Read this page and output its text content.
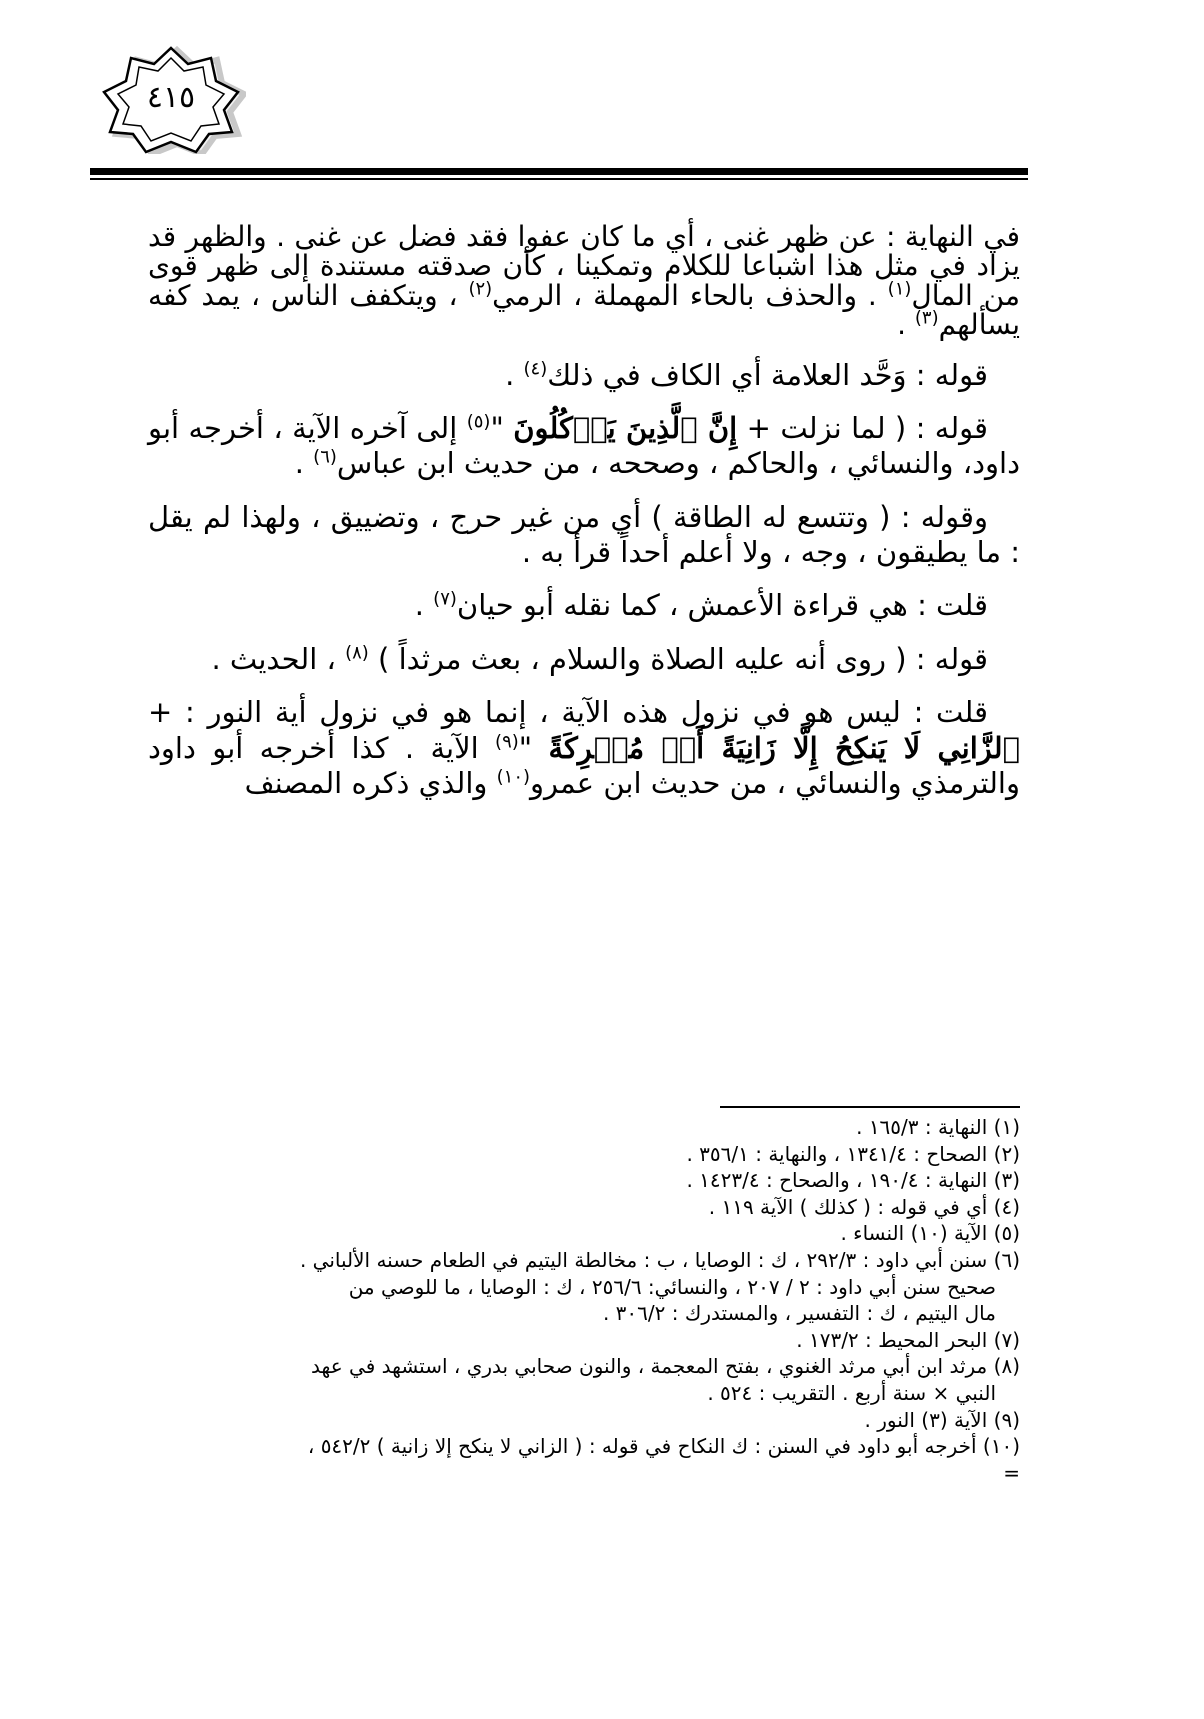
٤١٥

في النهاية : عن ظهر غنى ، أي ما كان عفوا فقد فضل عن غنى . والظهر قد يزاد في مثل هذا اشباعا للكلام وتمكينا ، كأن صدقته مستندة إلى ظهر قوى من المال$^{(١)}$ . والحذف بالحاء المهملة ، الرمي$^{(٢)}$ ، ويتكفف الناس ، يمد كفه يسألهم$^{(٣)}$ .

قوله : وَحَّد العلامة أي الكاف في ذلك$^{(٤)}$ .

قوله : ( لما نزلت + إِنَّ ٱلَّذِينَ يَأۡكُلُونَ "$^{(٥)}$ إلى آخره الآية ، أخرجه أبو داود، والنسائي ، والحاكم ، وصححه ، من حديث ابن عباس$^{(٦)}$ .

وقوله : ( وتتسع له الطاقة ) أي من غير حرج ، وتضييق ، ولهذا لم يقل : ما يطيقون ، وجه ، ولا أعلم أحداً قرأ به .

قلت : هي قراءة الأعمش ، كما نقله أبو حيان$^{(٧)}$ .

قوله : ( روى أنه عليه الصلاة والسلام ، بعث مرثداً ) $^{(٨)}$ ، الحديث .

قلت : ليس هو في نزول هذه الآية ، إنما هو في نزول أية النور : + ٱلزَّانِي لَا يَنكِحُ إِلَّا زَانِيَةً أَوۡ مُشۡرِكَةً "$^{(٩)}$ الآية . كذا أخرجه أبو داود والترمذي والنسائي ، من حديث ابن عمرو$^{(١٠)}$ والذي ذكره المصنف

(١) النهاية : ١٦٥/٣ .

(٢) الصحاح : ١٣٤١/٤ ، والنهاية : ٣٥٦/١ .

(٣) النهاية : ١٩٠/٤ ، والصحاح : ١٤٢٣/٤ .

(٤) أي في قوله : ( كذلك ) الآية ١١٩ .

(٥) الآية (١٠) النساء .

(٦) سنن أبي داود : ٢٩٢/٣ ، ك : الوصايا ، ب : مخالطة اليتيم في الطعام حسنه الألباني .

صحيح سنن أبي داود : ٢ / ٢٠٧ ، والنسائي: ٢٥٦/٦ ، ك : الوصايا ، ما للوصي من

مال اليتيم ، ك : التفسير ، والمستدرك : ٣٠٦/٢ .

(٧) البحر المحيط : ١٧٣/٢ .

(٨) مرثد ابن أبي مرثد الغنوي ، بفتح المعجمة ، والنون صحابي بدري ، استشهد في عهد

النبي × سنة أربع . التقريب : ٥٢٤ .

(٩) الآية (٣) النور .

(١٠) أخرجه أبو داود في السنن : ك النكاح في قوله : ( الزاني لا ينكح إلا زانية ) ٥٤٢/٢ ،

=
